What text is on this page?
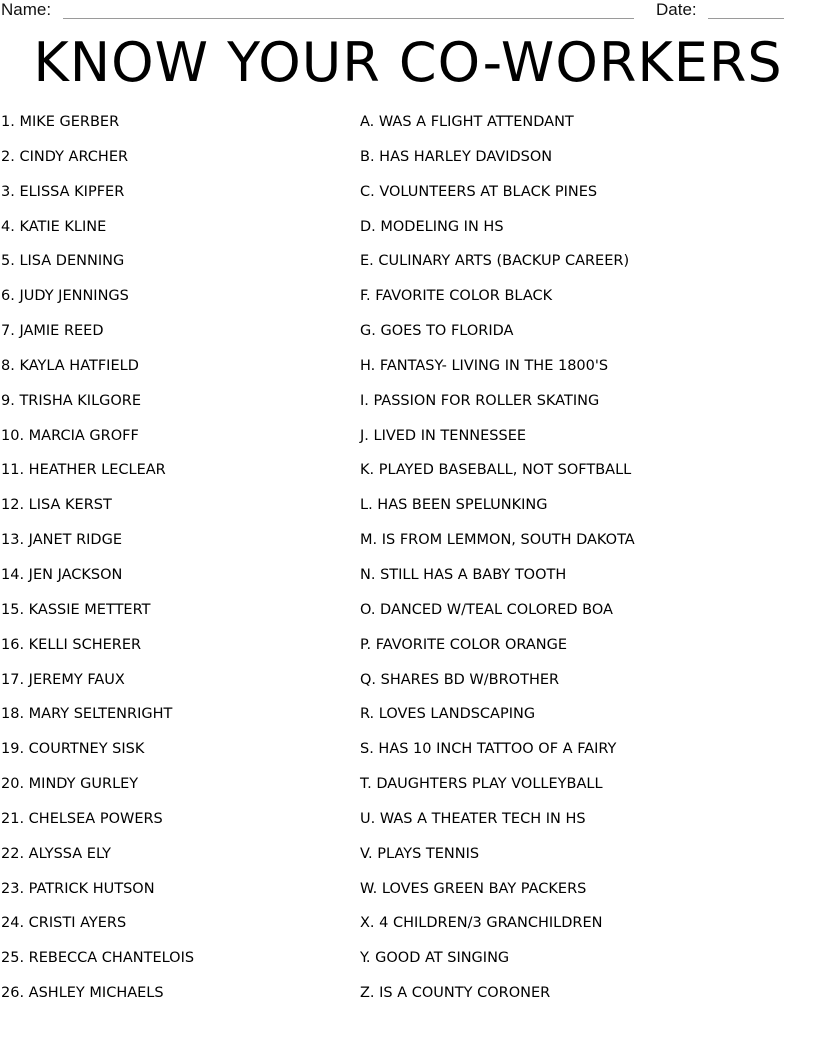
Name:	Date:
KNOW YOUR CO-WORKERS
1. MIKE GERBER
2. CINDY ARCHER
3. ELISSA KIPFER
4. KATIE KLINE
5. LISA DENNING
6. JUDY JENNINGS
7. JAMIE REED
8. KAYLA HATFIELD
9. TRISHA KILGORE
10. MARCIA GROFF
11. HEATHER LECLEAR
12. LISA KERST
13. JANET RIDGE
14. JEN JACKSON
15. KASSIE METTERT
16. KELLI SCHERER
17. JEREMY FAUX
18. MARY SELTENRIGHT
19. COURTNEY SISK
20. MINDY GURLEY
21. CHELSEA POWERS
22. ALYSSA ELY
23. PATRICK HUTSON
24. CRISTI AYERS
25. REBECCA CHANTELOIS
26. ASHLEY MICHAELS
A. WAS A FLIGHT ATTENDANT
B. HAS HARLEY DAVIDSON
C. VOLUNTEERS AT BLACK PINES
D. MODELING IN HS
E. CULINARY ARTS (BACKUP CAREER)
F. FAVORITE COLOR BLACK
G. GOES TO FLORIDA
H. FANTASY- LIVING IN THE 1800'S
I. PASSION FOR ROLLER SKATING
J. LIVED IN TENNESSEE
K. PLAYED BASEBALL, NOT SOFTBALL
L. HAS BEEN SPELUNKING
M. IS FROM LEMMON, SOUTH DAKOTA
N. STILL HAS A BABY TOOTH
O. DANCED W/TEAL COLORED BOA
P. FAVORITE COLOR ORANGE
Q. SHARES BD W/BROTHER
R. LOVES LANDSCAPING
S. HAS 10 INCH TATTOO OF A FAIRY
T. DAUGHTERS PLAY VOLLEYBALL
U. WAS A THEATER TECH IN HS
V. PLAYS TENNIS
W. LOVES GREEN BAY PACKERS
X. 4 CHILDREN/3 GRANCHILDREN
Y. GOOD AT SINGING
Z. IS A COUNTY CORONER
